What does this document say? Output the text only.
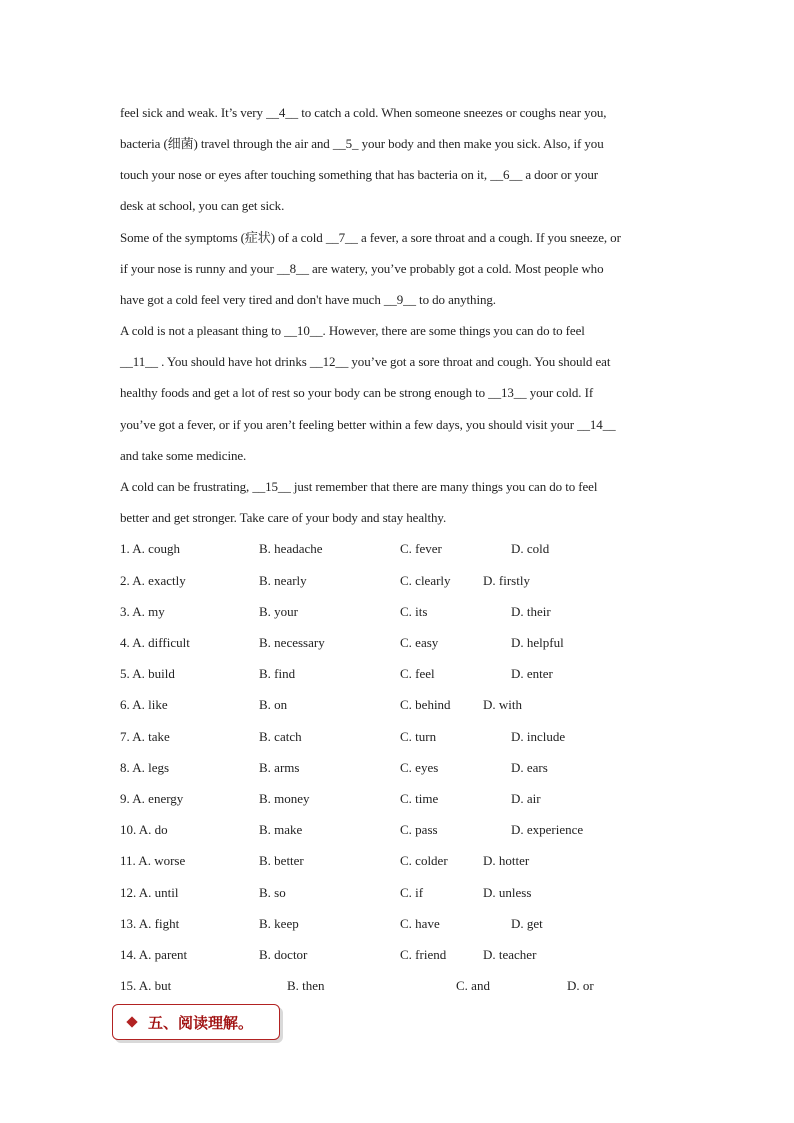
feel sick and weak. It’s very __4__ to catch a cold. When someone sneezes or coughs near you,
bacteria (细菌) travel through the air and __5_ your body and then make you sick. Also, if you
touch your nose or eyes after touching something that has bacteria on it, __6__ a door or your
desk at school, you can get sick.
Some of the symptoms (症状) of a cold __7__ a fever, a sore throat and a cough. If you sneeze, or
if your nose is runny and your __8__ are watery, you’ve probably got a cold. Most people who
have got a cold feel very tired and don't have much __9__ to do anything.
A cold is not a pleasant thing to __10__. However, there are some things you can do to feel
__11__ . You should have hot drinks __12__ you’ve got a sore throat and cough. You should eat
healthy foods and get a lot of rest so your body can be strong enough to __13__ your cold. If
you’ve got a fever, or if you aren’t feeling better within a few days, you should visit your __14__
and take some medicine.
A cold can be frustrating, __15__ just remember that there are many things you can do to feel
better and get stronger. Take care of your body and stay healthy.
1. A. cough	B. headache	C. fever	D. cold
2. A. exactly	B. nearly	C. clearly D. firstly
3. A. my	B. your	C. its	D. their
4. A. difficult	B. necessary	C. easy	D. helpful
5. A. build	B. find	C. feel	D. enter
6. A. like	B. on	C. behind D. with
7. A. take	B. catch	C. turn	D. include
8. A. legs	B. arms	C. eyes	D. ears
9. A. energy	B. money	C. time	D. air
10. A. do	B. make	C. pass	D. experience
11. A. worse	B. better	C. colder	D. hotter
12. A. until	B. so	C. if	D. unless
13. A. fight	B. keep	C. have	D. get
14. A. parent	B. doctor	C. friend	D. teacher
15. A. but	B. then	C. and	D. or
五、阅读理解。
